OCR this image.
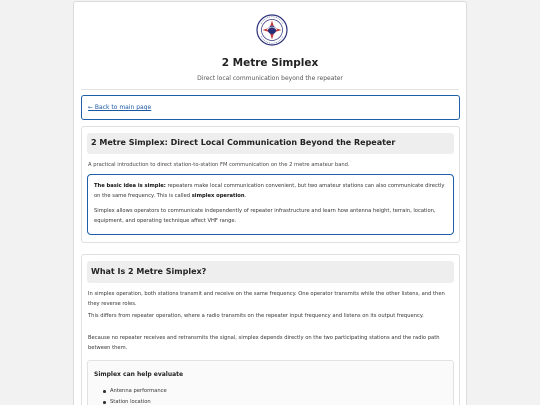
2 Metre Simplex
Direct local communication beyond the repeater
← Back to main page
2 Metre Simplex: Direct Local Communication Beyond the Repeater
A practical introduction to direct station-to-station FM communication on the 2 metre amateur band.
The basic idea is simple: repeaters make local communication convenient, but two amateur stations can also communicate directly on the same frequency. This is called simplex operation.
Simplex allows operators to communicate independently of repeater infrastructure and learn how antenna height, terrain, location, equipment, and operating technique affect VHF range.
What Is 2 Metre Simplex?
In simplex operation, both stations transmit and receive on the same frequency. One operator transmits while the other listens, and then they reverse roles.
This differs from repeater operation, where a radio transmits on the repeater input frequency and listens on its output frequency.
Because no repeater receives and retransmits the signal, simplex depends directly on the two participating stations and the radio path between them.
Simplex can help evaluate
Antenna performance
Station location
